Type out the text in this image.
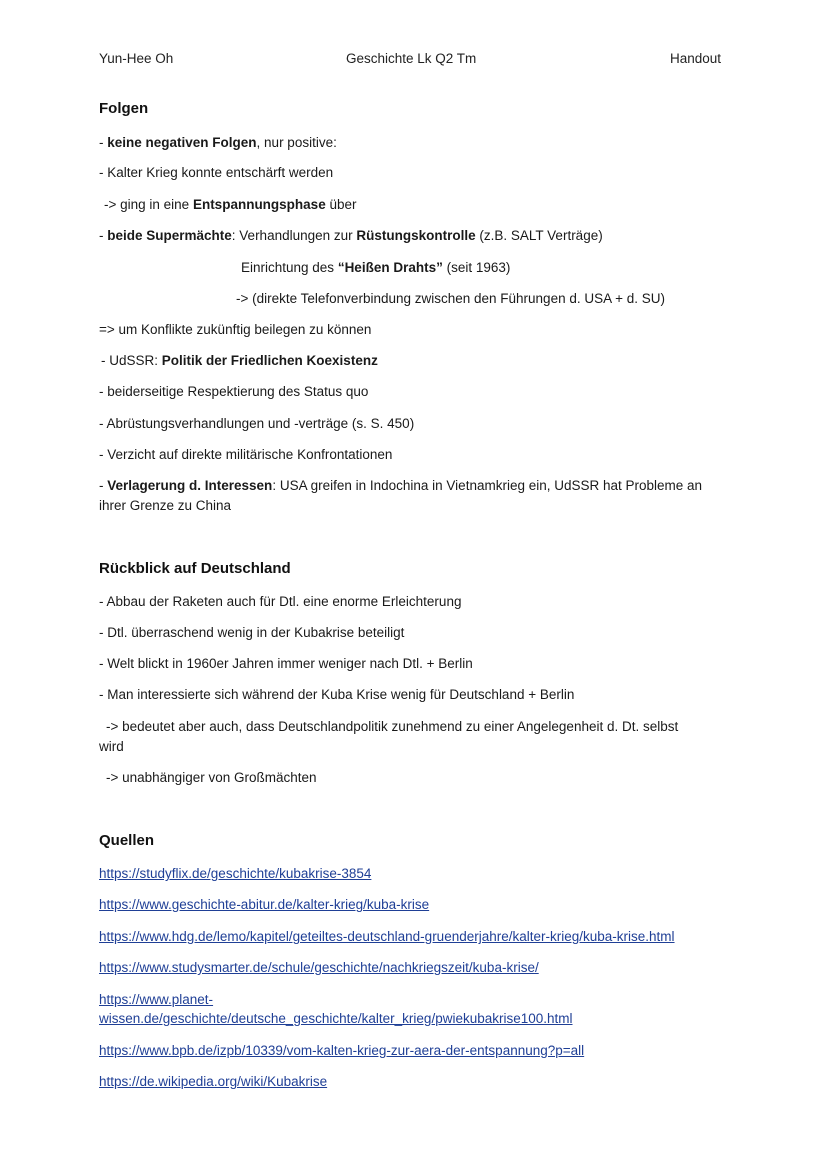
Yun-Hee Oh	Geschichte Lk Q2 Tm	Handout
Folgen
- keine negativen Folgen, nur positive:
- Kalter Krieg konnte entschärft werden
-> ging in eine Entspannungsphase über
- beide Supermächte: Verhandlungen zur Rüstungskontrolle (z.B. SALT Verträge)
Einrichtung des “Heißen Drahts” (seit 1963)
-> (direkte Telefonverbindung zwischen den Führungen d. USA + d. SU)
=> um Konflikte zukünftig beilegen zu können
- UdSSR: Politik der Friedlichen Koexistenz
- beiderseitige Respektierung des Status quo
- Abrüstungsverhandlungen und -verträge (s. S. 450)
- Verzicht auf direkte militärische Konfrontationen
- Verlagerung d. Interessen: USA greifen in Indochina in Vietnamkrieg ein, UdSSR hat Probleme an ihrer Grenze zu China
Rückblick auf Deutschland
- Abbau der Raketen auch für Dtl. eine enorme Erleichterung
- Dtl. überraschend wenig in der Kubakrise beteiligt
- Welt blickt in 1960er Jahren immer weniger nach Dtl. + Berlin
- Man interessierte sich während der Kuba Krise wenig für Deutschland + Berlin
-> bedeutet aber auch, dass Deutschlandpolitik zunehmend zu einer Angelegenheit d. Dt. selbst
wird
-> unabhängiger von Großmächten
Quellen
https://studyflix.de/geschichte/kubakrise-3854
https://www.geschichte-abitur.de/kalter-krieg/kuba-krise
https://www.hdg.de/lemo/kapitel/geteiltes-deutschland-gruenderjahre/kalter-krieg/kuba-krise.html
https://www.studysmarter.de/schule/geschichte/nachkriegszeit/kuba-krise/
https://www.planet-wissen.de/geschichte/deutsche_geschichte/kalter_krieg/pwiekubakrise100.html
https://www.bpb.de/izpb/10339/vom-kalten-krieg-zur-aera-der-entspannung?p=all
https://de.wikipedia.org/wiki/Kubakrise
